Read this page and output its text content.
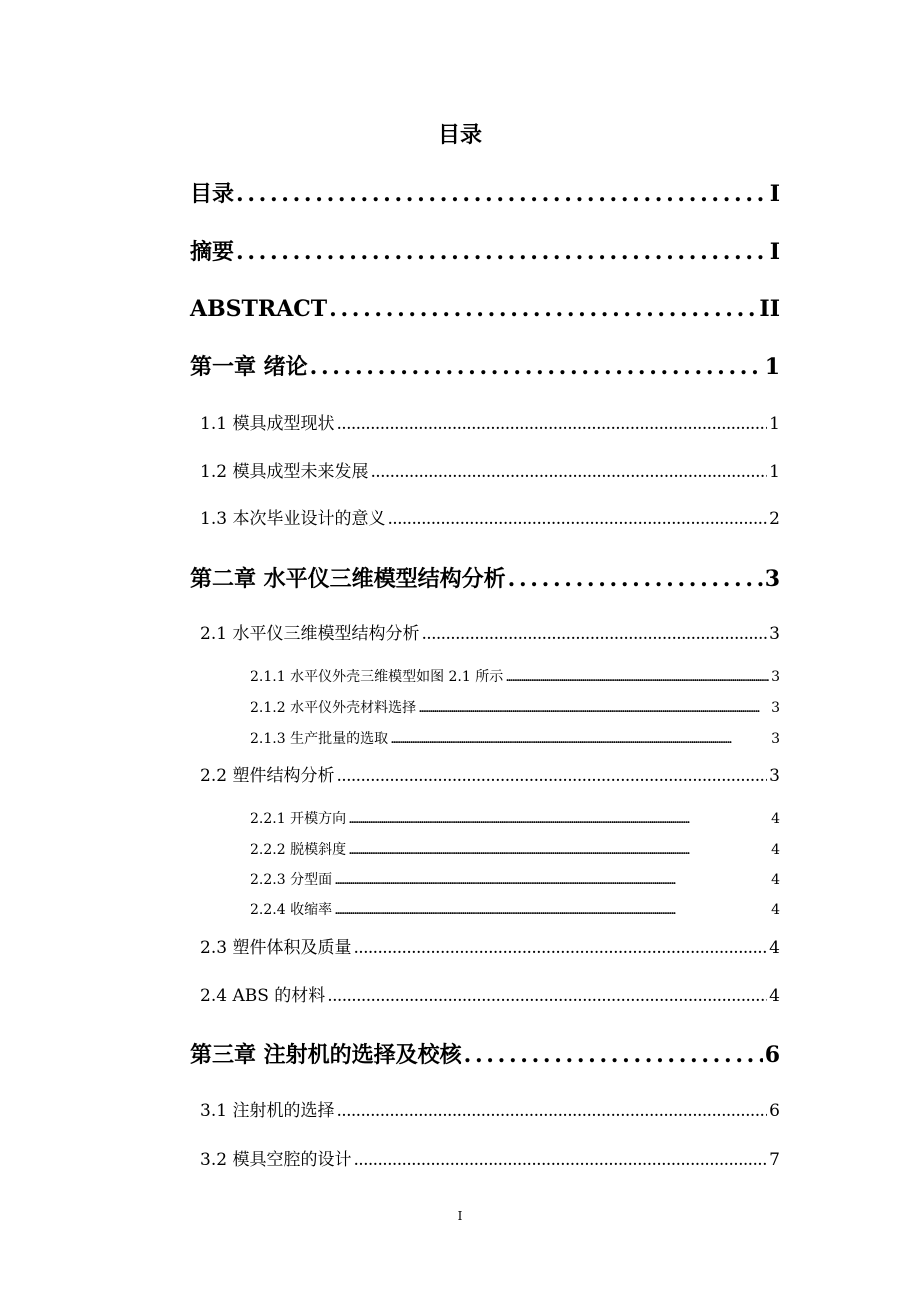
目录
目录 . . .	I
摘要 . . .	I
ABSTRACT . . .	II
第一章 绪论 . . .	1
1.1 模具成型现状 . . .	1
1.2 模具成型未来发展 . . .	1
1.3 本次毕业设计的意义 . . .	2
第二章 水平仪三维模型结构分析 . . .	3
2.1 水平仪三维模型结构分析 . . .	3
2.1.1 水平仪外壳三维模型如图 2.1 所示 . . .	3
2.1.2 水平仪外壳材料选择 . . .	3
2.1.3 生产批量的选取 . . .	3
2.2 塑件结构分析 . . .	3
2.2.1 开模方向 . . .	4
2.2.2 脱模斜度 . . .	4
2.2.3 分型面 . . .	4
2.2.4 收缩率 . . .	4
2.3 塑件体积及质量 . . .	4
2.4 ABS 的材料 . . .	4
第三章 注射机的选择及校核 . . .	6
3.1 注射机的选择 . . .	6
3.2 模具空腔的设计 . . .	7
I
